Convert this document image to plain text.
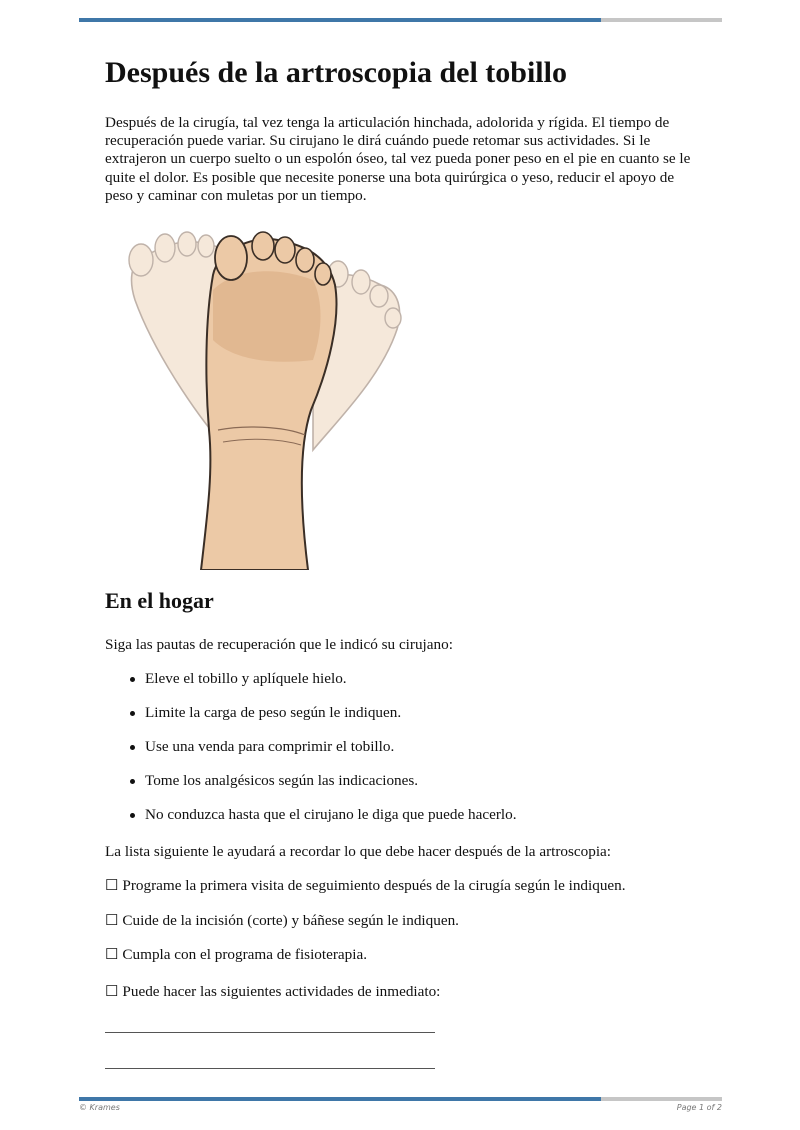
Después de la artroscopia del tobillo

Después de la cirugía, tal vez tenga la articulación hinchada, adolorida y rígida. El tiempo de recuperación puede variar. Su cirujano le dirá cuándo puede retomar sus actividades. Si le extrajeron un cuerpo suelto o un espolón óseo, tal vez pueda poner peso en el pie en cuanto se le quite el dolor. Es posible que necesite ponerse una bota quirúrgica o yeso, reducir el apoyo de peso y caminar con muletas por un tiempo.

En el hogar

Siga las pautas de recuperación que le indicó su cirujano:

Eleve el tobillo y aplíquele hielo.
Limite la carga de peso según le indiquen.
Use una venda para comprimir el tobillo.
Tome los analgésicos según las indicaciones.
No conduzca hasta que el cirujano le diga que puede hacerlo.

La lista siguiente le ayudará a recordar lo que debe hacer después de la artroscopia:

☐ Programe la primera visita de seguimiento después de la cirugía según le indiquen.

☐ Cuide de la incisión (corte) y báñese según le indiquen.

☐ Cumpla con el programa de fisioterapia.

☐ Puede hacer las siguientes actividades de inmediato:

© Krames	Page 1 of 2
